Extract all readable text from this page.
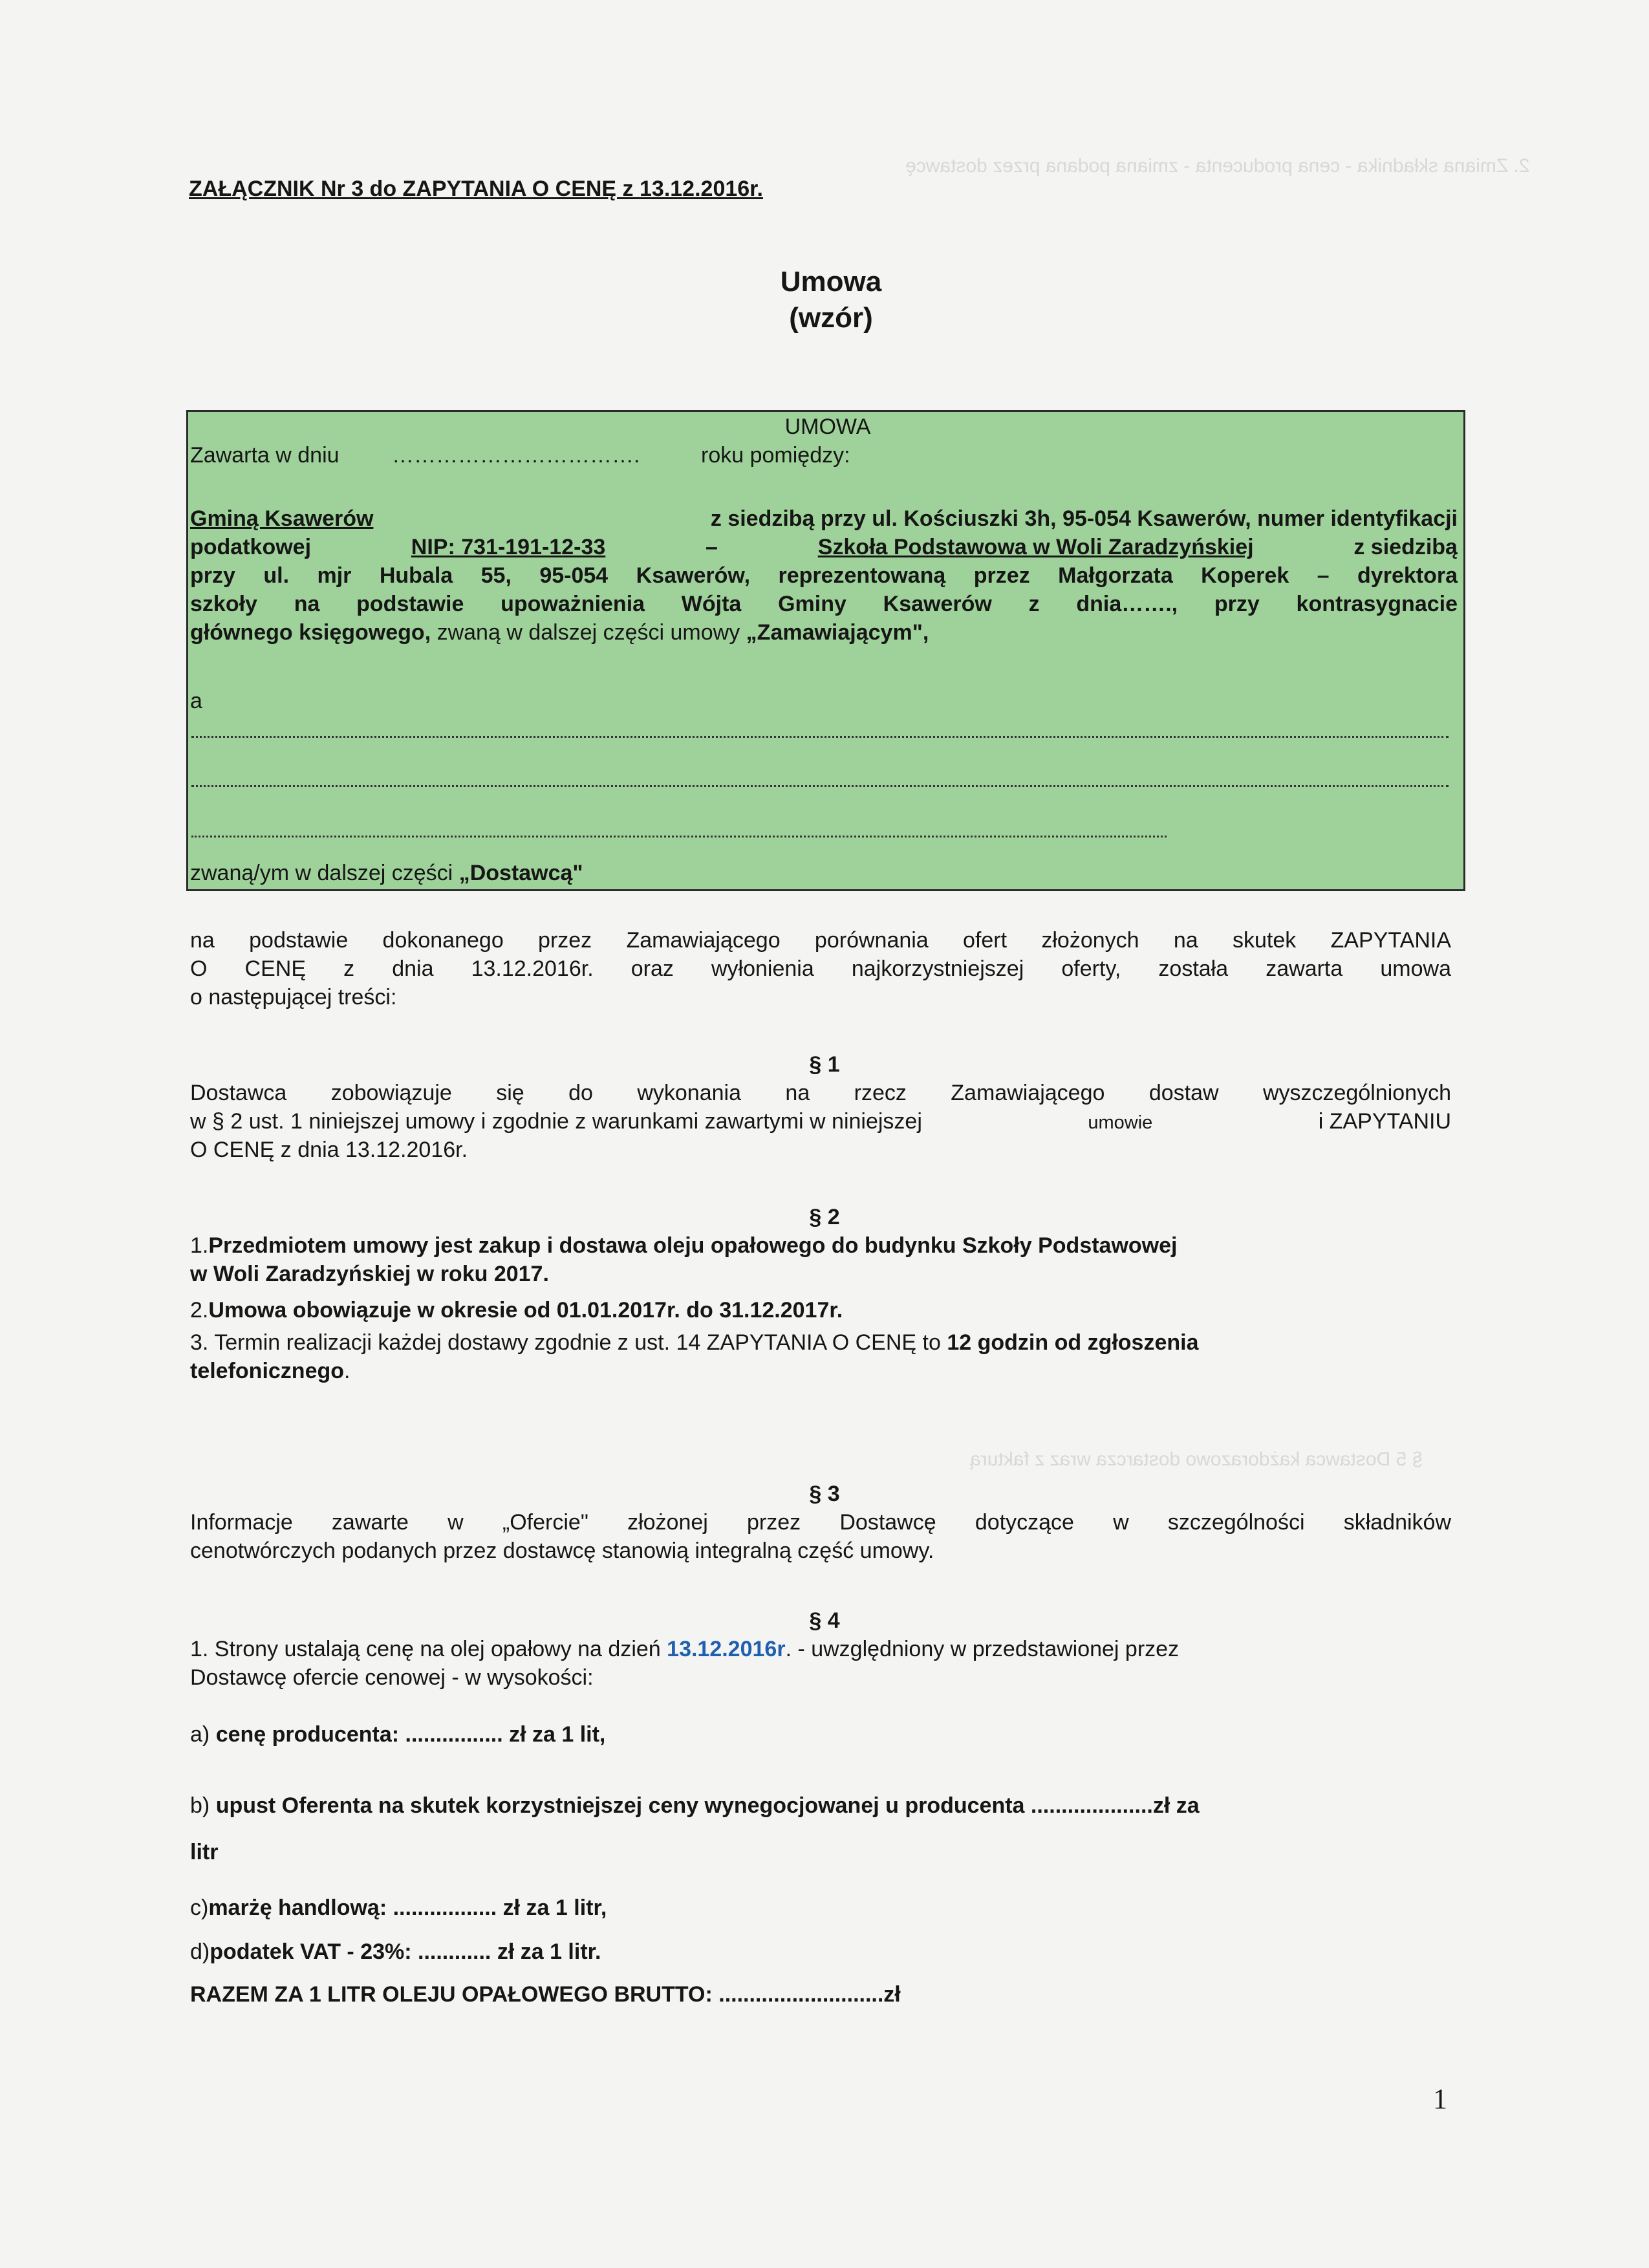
2. Zmiana składnika - cena producenta - zmiana podana przez dostawcę
§ 5 Dostawca każdorazowo dostarcza wraz z fakturą
ZAŁĄCZNIK Nr 3 do ZAPYTANIA O CENĘ z 13.12.2016r.
Umowa
(wzór)
UMOWA
Zawarta w dniu …………………………….	roku pomiędzy:
Gminą Ksawerów	z siedzibą przy ul. Kościuszki 3h, 95-054 Ksawerów, numer identyfikacji
podatkowej	NIP: 731-191-12-33	–	Szkoła Podstawowa w Woli Zaradzyńskiej	z siedzibą
przy ul. mjr Hubala 55, 95-054 Ksawerów, reprezentowaną przez Małgorzata Koperek – dyrektora
szkoły na podstawie upoważnienia Wójta Gminy Ksawerów z dnia……., przy kontrasygnacie
głównego księgowego, zwaną w dalszej części umowy „Zamawiającym",
a
zwaną/ym w dalszej części „Dostawcą"
na podstawie dokonanego przez Zamawiającego porównania ofert złożonych na skutek ZAPYTANIA
O CENĘ z dnia 13.12.2016r. oraz wyłonienia najkorzystniejszej oferty, została zawarta umowa
o następującej treści:
§ 1
Dostawca zobowiązuje się do wykonania na rzecz Zamawiającego dostaw wyszczególnionych
w § 2 ust. 1 niniejszej umowy i zgodnie z warunkami zawartymi w niniejszej	umowie	i ZAPYTANIU
O CENĘ z dnia 13.12.2016r.
§ 2
1.Przedmiotem umowy jest zakup i dostawa oleju opałowego do budynku Szkoły Podstawowej
w Woli Zaradzyńskiej w roku 2017.
2.Umowa obowiązuje w okresie od 01.01.2017r. do 31.12.2017r.
3. Termin realizacji każdej dostawy zgodnie z ust. 14 ZAPYTANIA O CENĘ to 12 godzin od zgłoszenia
telefonicznego.
§ 3
Informacje zawarte w „Ofercie" złożonej przez Dostawcę dotyczące w szczególności składników
cenotwórczych podanych przez dostawcę stanowią integralną część umowy.
§ 4
1. Strony ustalają cenę na olej opałowy na dzień 13.12.2016r. - uwzględniony w przedstawionej przez
Dostawcę ofercie cenowej - w wysokości:
a) cenę producenta: ................ zł za 1 lit,
b) upust Oferenta na skutek korzystniejszej ceny wynegocjowanej u producenta ....................zł za
litr
c)marżę handlową: ................. zł za 1 litr,
d)podatek VAT - 23%: ............ zł za 1 litr.
RAZEM ZA 1 LITR OLEJU OPAŁOWEGO BRUTTO: ...........................zł
1
